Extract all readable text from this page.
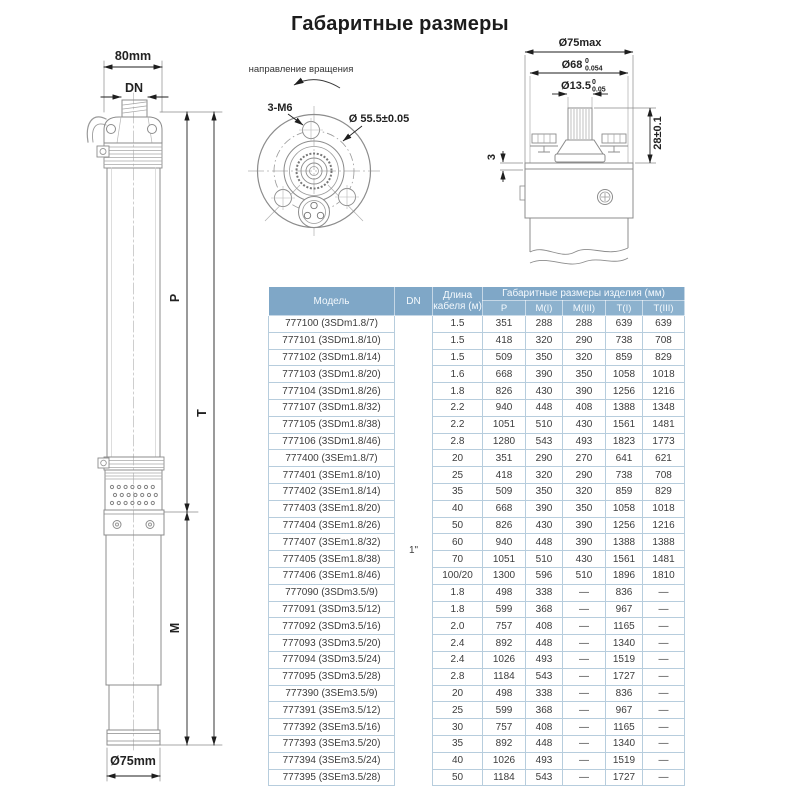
Габаритные размеры
80mm
DN
P
T
M
Ø75mm
направление вращения
3-M6
Ø 55.5±0.05
Ø75max
Ø68 0
0.054
Ø13.5 0
0.05
28±0.1
3
Модель	DN	Длина кабеля (м)	Габаритные размеры изделия (мм)				
			P	M(I)	M(III)	T(I)	T(III)
777100 (3SDm1.8/7)	1"	1.5	351	288	288	639	639
777101 (3SDm1.8/10)		1.5	418	320	290	738	708
777102 (3SDm1.8/14)		1.5	509	350	320	859	829
777103 (3SDm1.8/20)		1.6	668	390	350	1058	1018
777104 (3SDm1.8/26)		1.8	826	430	390	1256	1216
777107 (3SDm1.8/32)		2.2	940	448	408	1388	1348
777105 (3SDm1.8/38)		2.2	1051	510	430	1561	1481
777106 (3SDm1.8/46)		2.8	1280	543	493	1823	1773
777400 (3SEm1.8/7)		20	351	290	270	641	621
777401 (3SEm1.8/10)		25	418	320	290	738	708
777402 (3SEm1.8/14)		35	509	350	320	859	829
777403 (3SEm1.8/20)		40	668	390	350	1058	1018
777404 (3SEm1.8/26)		50	826	430	390	1256	1216
777407 (3SEm1.8/32)		60	940	448	390	1388	1388
777405 (3SEm1.8/38)		70	1051	510	430	1561	1481
777406 (3SEm1.8/46)		100/20	1300	596	510	1896	1810
777090 (3SDm3.5/9)		1.8	498	338	—	836	—
777091 (3SDm3.5/12)		1.8	599	368	—	967	—
777092 (3SDm3.5/16)		2.0	757	408	—	1165	—
777093 (3SDm3.5/20)		2.4	892	448	—	1340	—
777094 (3SDm3.5/24)		2.4	1026	493	—	1519	—
777095 (3SDm3.5/28)		2.8	1184	543	—	1727	—
777390 (3SEm3.5/9)		20	498	338	—	836	—
777391 (3SEm3.5/12)		25	599	368	—	967	—
777392 (3SEm3.5/16)		30	757	408	—	1165	—
777393 (3SEm3.5/20)		35	892	448	—	1340	—
777394 (3SEm3.5/24)		40	1026	493	—	1519	—
777395 (3SEm3.5/28)		50	1184	543	—	1727	—
